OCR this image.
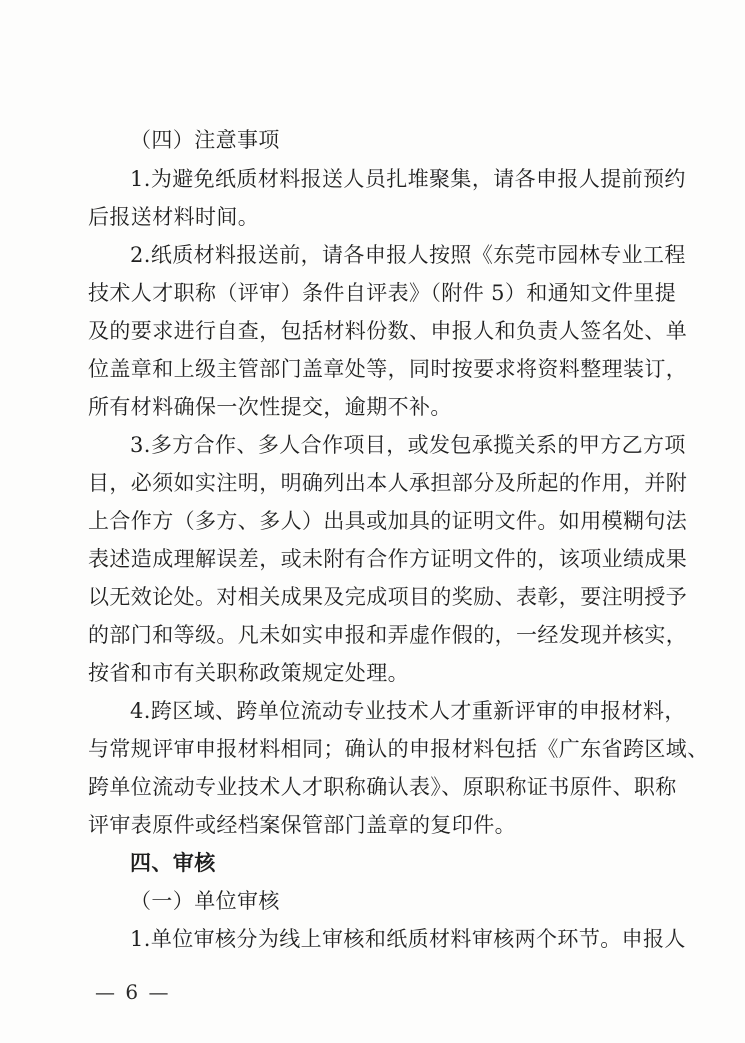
（四）注意事项
1.为避免纸质材料报送人员扎堆聚集，请各申报人提前预约
后报送材料时间。
2.纸质材料报送前，请各申报人按照《东莞市园林专业工程
技术人才职称（评审）条件自评表》（附件 5）和通知文件里提
及的要求进行自查，包括材料份数、申报人和负责人签名处、单
位盖章和上级主管部门盖章处等，同时按要求将资料整理装订，
所有材料确保一次性提交，逾期不补。
3.多方合作、多人合作项目，或发包承揽关系的甲方乙方项
目，必须如实注明，明确列出本人承担部分及所起的作用，并附
上合作方（多方、多人）出具或加具的证明文件。如用模糊句法
表述造成理解误差，或未附有合作方证明文件的，该项业绩成果
以无效论处。对相关成果及完成项目的奖励、表彰，要注明授予
的部门和等级。凡未如实申报和弄虚作假的，一经发现并核实，
按省和市有关职称政策规定处理。
4.跨区域、跨单位流动专业技术人才重新评审的申报材料，
与常规评审申报材料相同；确认的申报材料包括《广东省跨区域、
跨单位流动专业技术人才职称确认表》、原职称证书原件、职称
评审表原件或经档案保管部门盖章的复印件。
四、审核
（一）单位审核
1.单位审核分为线上审核和纸质材料审核两个环节。申报人
— 6 —
